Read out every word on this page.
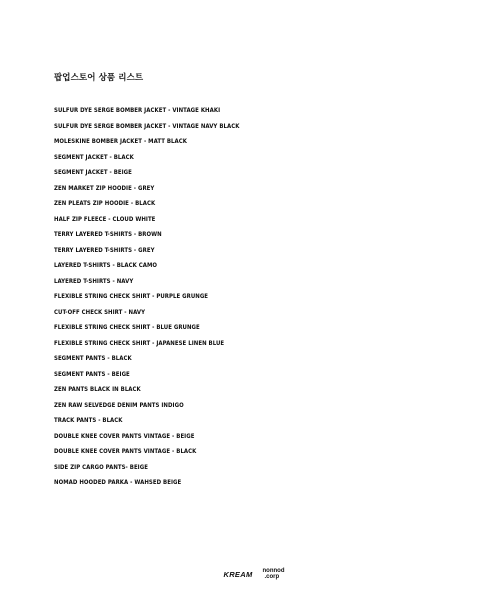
팝업스토어 상품 리스트
SULFUR DYE SERGE BOMBER JACKET - VINTAGE KHAKI
SULFUR DYE SERGE BOMBER JACKET - VINTAGE NAVY BLACK
MOLESKINE BOMBER JACKET - MATT BLACK
SEGMENT JACKET - BLACK
SEGMENT JACKET - BEIGE
ZEN MARKET ZIP HOODIE - GREY
ZEN PLEATS ZIP HOODIE - BLACK
HALF ZIP FLEECE - CLOUD WHITE
TERRY LAYERED T-SHIRTS - BROWN
TERRY LAYERED T-SHIRTS - GREY
LAYERED T-SHIRTS - BLACK CAMO
LAYERED T-SHIRTS - NAVY
FLEXIBLE STRING CHECK SHIRT - PURPLE GRUNGE
CUT-OFF CHECK SHIRT - NAVY
FLEXIBLE STRING CHECK SHIRT - BLUE GRUNGE
FLEXIBLE STRING CHECK SHIRT - JAPANESE LINEN BLUE
SEGMENT PANTS - BLACK
SEGMENT PANTS - BEIGE
ZEN PANTS BLACK IN BLACK
ZEN RAW SELVEDGE DENIM PANTS INDIGO
TRACK PANTS - BLACK
DOUBLE KNEE COVER PANTS VINTAGE - BEIGE
DOUBLE KNEE COVER PANTS VINTAGE - BLACK
SIDE ZIP CARGO PANTS- BEIGE
NOMAD HOODED PARKA - WAHSED BEIGE
KREAM nonnod
.corp
